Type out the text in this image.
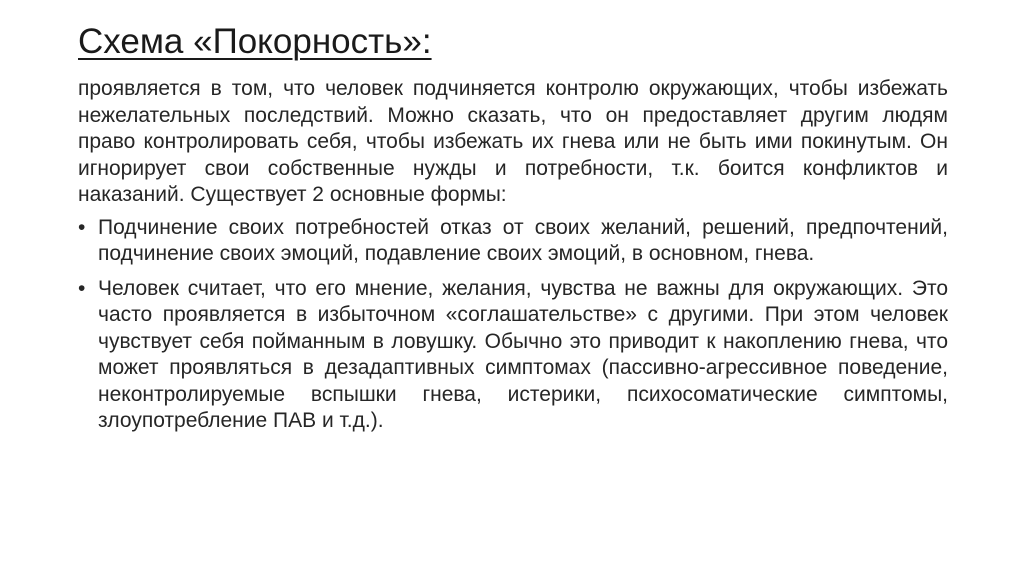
Схема «Покорность»:

проявляется в том, что человек подчиняется контролю окружающих, чтобы избежать нежелательных последствий. Можно сказать, что он предоставляет другим людям право контролировать себя, чтобы избежать их гнева или не быть ими покинутым. Он игнорирует свои собственные нужды и потребности, т.к. боится конфликтов и наказаний. Существует 2 основные формы:

• Подчинение своих потребностей отказ от своих желаний, решений, предпочтений, подчинение своих эмоций, подавление своих эмоций, в основном, гнева.
• Человек считает, что его мнение, желания, чувства не важны для окружающих. Это часто проявляется в избыточном «соглашательстве» с другими. При этом человек чувствует себя пойманным в ловушку. Обычно это приводит к накоплению гнева, что может проявляться в дезадаптивных симптомах (пассивно-агрессивное поведение, неконтролируемые вспышки гнева, истерики, психосоматические симптомы, злоупотребление ПАВ и т.д.).
